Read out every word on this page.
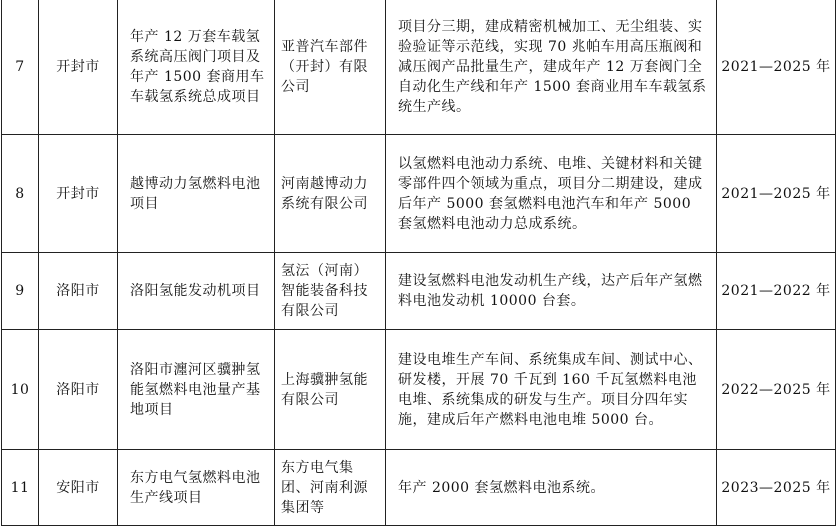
7	开封市	年产 12 万套车载氢系统高压阀门项目及年产 1500 套商用车车载氢系统总成项目	亚普汽车部件（开封）有限公司	项目分三期，建成精密机械加工、无尘组装、实验验证等示范线，实现 70 兆帕车用高压瓶阀和减压阀产品批量生产，建成年产 12 万套阀门全自动化生产线和年产 1500 套商业用车车载氢系统生产线。	2021—2025 年
8	开封市	越博动力氢燃料电池项目	河南越博动力系统有限公司	以氢燃料电池动力系统、电堆、关键材料和关键零部件四个领域为重点，项目分二期建设，建成后年产 5000 套氢燃料电池汽车和年产 5000 套氢燃料电池动力总成系统。	2021—2025 年
9	洛阳市	洛阳氢能发动机项目	氢沄（河南）智能装备科技有限公司	建设氢燃料电池发动机生产线，达产后年产氢燃料电池发动机 10000 台套。	2021—2022 年
10	洛阳市	洛阳市瀍河区骥翀氢能氢燃料电池量产基地项目	上海骥翀氢能有限公司	建设电堆生产车间、系统集成车间、测试中心、研发楼，开展 70 千瓦到 160 千瓦氢燃料电池电堆、系统集成的研发与生产。项目分四年实施，建成后年产燃料电池电堆 5000 台。	2022—2025 年
11	安阳市	东方电气氢燃料电池生产线项目	东方电气集团、河南利源集团等	年产 2000 套氢燃料电池系统。	2023—2025 年
